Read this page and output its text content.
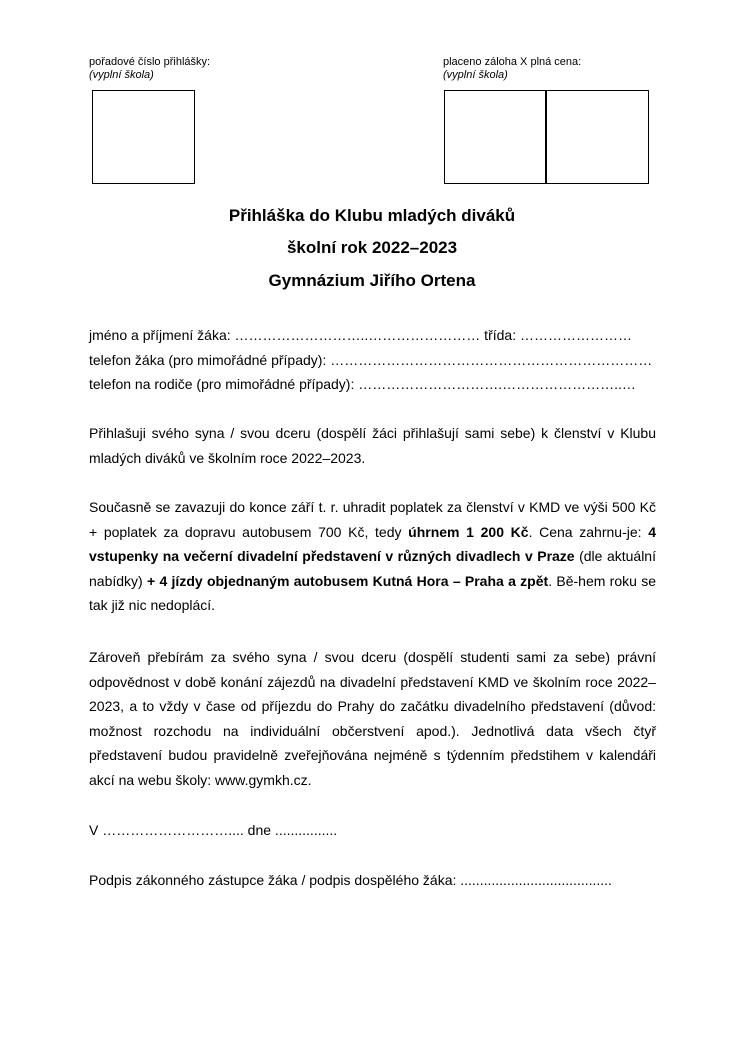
pořadové číslo přihlášky:
(vyplní škola)
placeno záloha X plná cena:
(vyplní škola)
Přihláška do Klubu mladých diváků
školní rok 2022–2023
Gymnázium Jiřího Ortena
jméno a příjmení žáka: ………………………..…………………… třída: ……………………
telefon žáka (pro mimořádné případy): ……………………………………………………………
telefon na rodiče (pro mimořádné případy): ………………………….……………………..…
Přihlašuji svého syna / svou dceru (dospělí žáci přihlašují sami sebe) k členství v Klubu mladých diváků ve školním roce 2022–2023.
Současně se zavazuji do konce září t. r. uhradit poplatek za členství v KMD ve výši 500 Kč + poplatek za dopravu autobusem 700 Kč, tedy úhrnem 1 200 Kč. Cena zahrnu-je: 4 vstupenky na večerní divadelní představení v různých divadlech v Praze (dle aktuální nabídky) + 4 jízdy objednaným autobusem Kutná Hora – Praha a zpět. Bě-hem roku se tak již nic nedoplácí.
Zároveň přebírám za svého syna / svou dceru (dospělí studenti sami za sebe) právní odpovědnost v době konání zájezdů na divadelní představení KMD ve školním roce 2022–2023, a to vždy v čase od příjezdu do Prahy do začátku divadelního představení (důvod: možnost rozchodu na individuální občerstvení apod.). Jednotlivá data všech čtyř představení budou pravidelně zveřejňována nejméně s týdenním předstihem v kalendáři akcí na webu školy: www.gymkh.cz.
V ……………………….... dne ................
Podpis zákonného zástupce žáka / podpis dospělého žáka: .......................................
